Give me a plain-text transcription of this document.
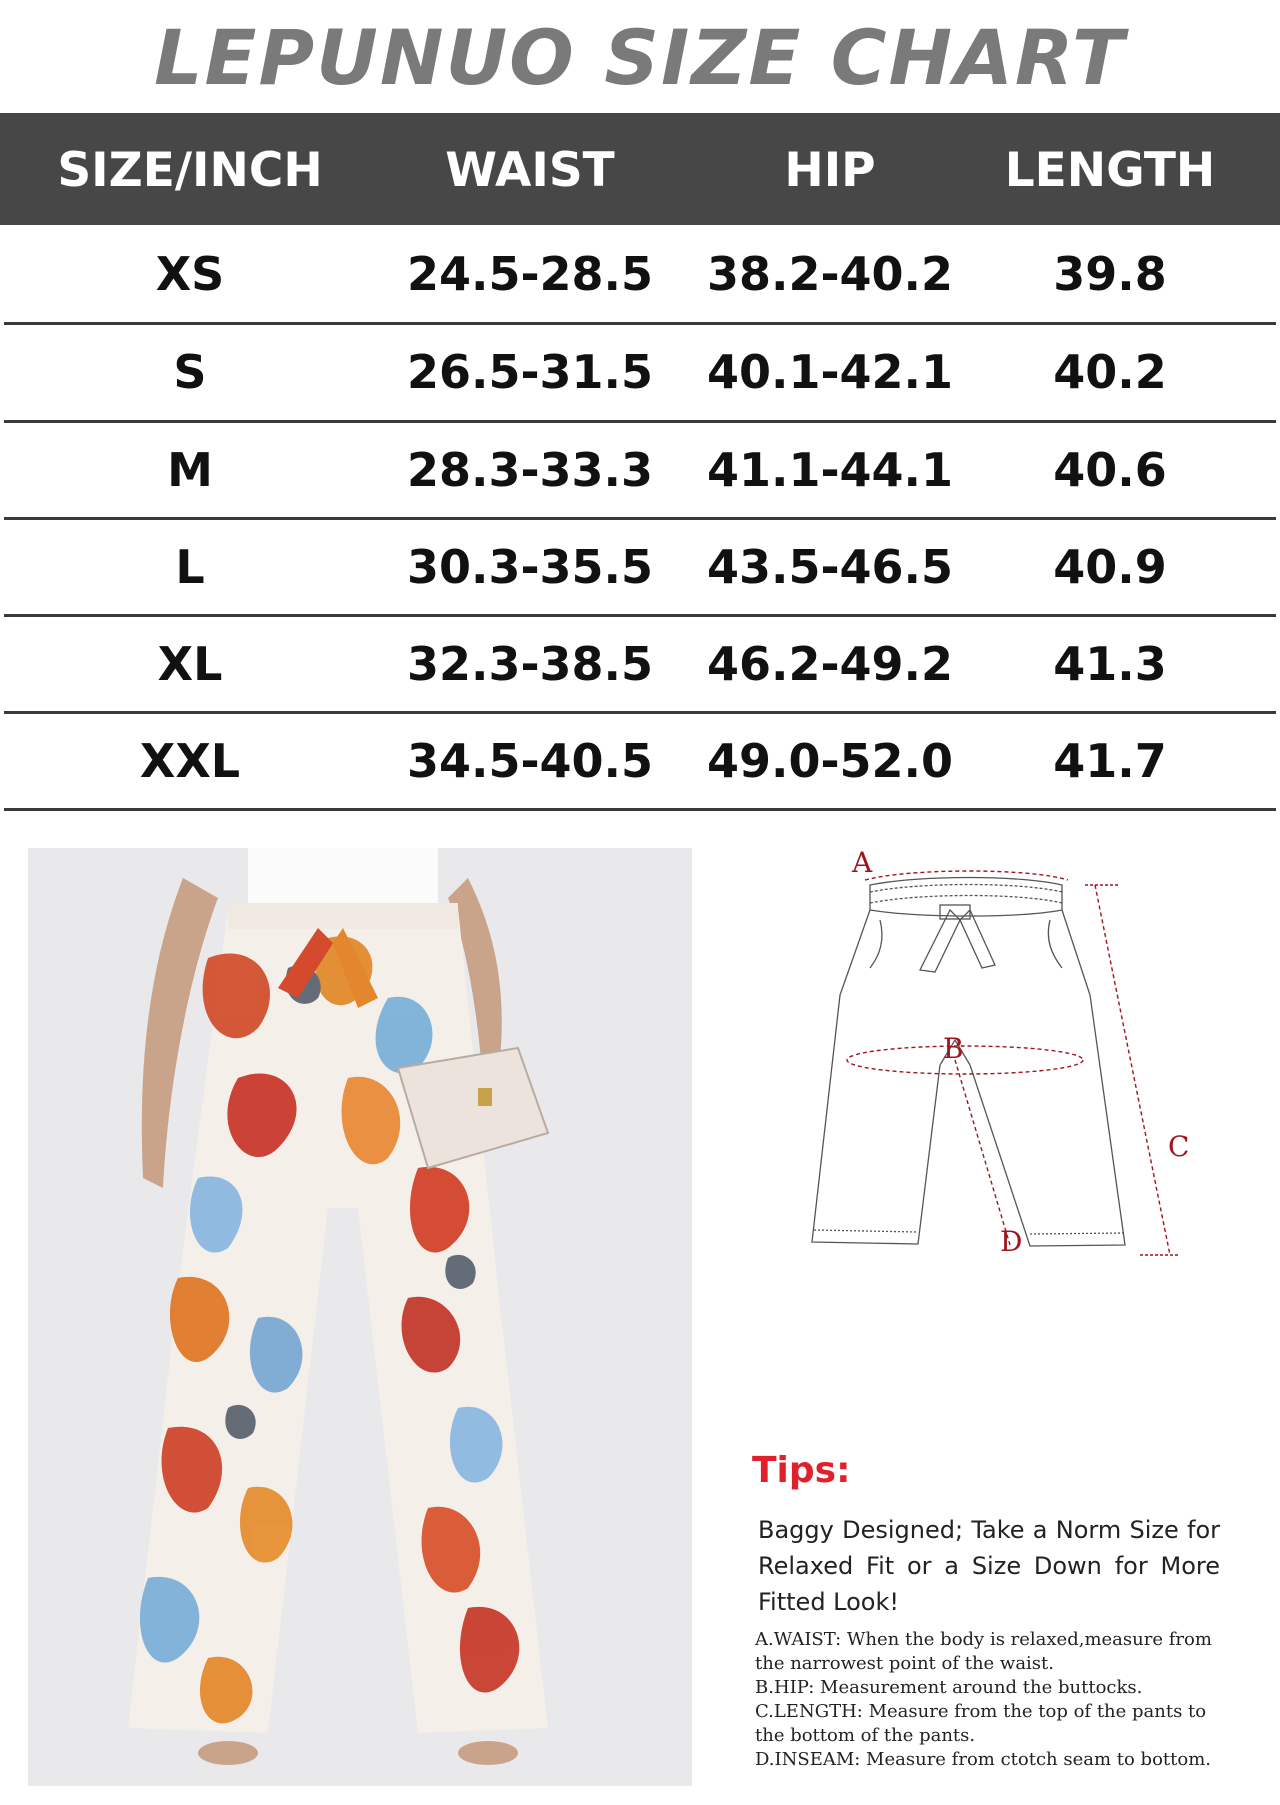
LEPUNUO SIZE CHART
SIZE/INCH	WAIST	HIP	LENGTH
XS	24.5-28.5	38.2-40.2	39.8
S	26.5-31.5	40.1-42.1	40.2
M	28.3-33.3	41.1-44.1	40.6
L	30.3-35.5	43.5-46.5	40.9
XL	32.3-38.5	46.2-49.2	41.3
XXL	34.5-40.5	49.0-52.0	41.7
A
B
C
D
Tips:
Baggy Designed; Take a Norm Size for Relaxed Fit or a Size Down for More Fitted Look!
A.WAIST: When the body is relaxed,measure from the narrowest point of the waist.
B.HIP: Measurement around the buttocks.
C.LENGTH: Measure from the top of the pants to the bottom of the pants.
D.INSEAM: Measure from ctotch seam to bottom.
